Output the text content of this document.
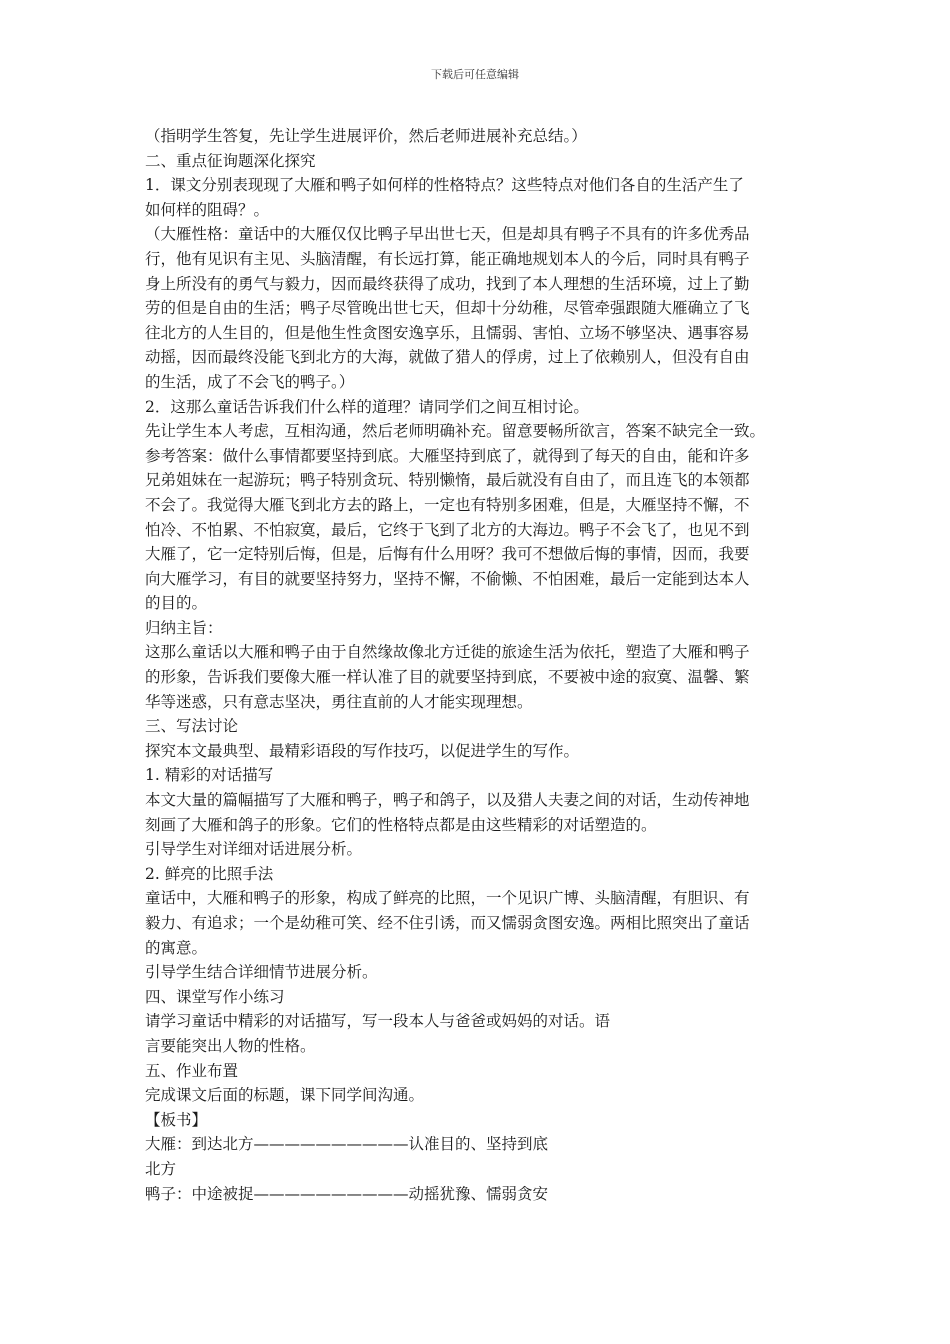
下载后可任意编辑
（指明学生答复，先让学生进展评价，然后老师进展补充总结。）
二、重点征询题深化探究
1．课文分别表现现了大雁和鸭子如何样的性格特点？这些特点对他们各自的生活产生了
如何样的阻碍？。
（大雁性格：童话中的大雁仅仅比鸭子早出世七天，但是却具有鸭子不具有的许多优秀品
行，他有见识有主见、头脑清醒，有长远打算，能正确地规划本人的今后，同时具有鸭子
身上所没有的勇气与毅力，因而最终获得了成功，找到了本人理想的生活环境，过上了勤
劳的但是自由的生活；鸭子尽管晚出世七天，但却十分幼稚，尽管牵强跟随大雁确立了飞
往北方的人生目的，但是他生性贪图安逸享乐，且懦弱、害怕、立场不够坚决、遇事容易
动摇，因而最终没能飞到北方的大海，就做了猎人的俘虏，过上了依赖别人，但没有自由
的生活，成了不会飞的鸭子。）
2．这那么童话告诉我们什么样的道理？请同学们之间互相讨论。
先让学生本人考虑，互相沟通，然后老师明确补充。留意要畅所欲言，答案不缺完全一致。
参考答案：做什么事情都要坚持到底。大雁坚持到底了，就得到了每天的自由，能和许多
兄弟姐妹在一起游玩；鸭子特别贪玩、特别懒惰，最后就没有自由了，而且连飞的本领都
不会了。我觉得大雁飞到北方去的路上，一定也有特别多困难，但是，大雁坚持不懈，不
怕冷、不怕累、不怕寂寞，最后，它终于飞到了北方的大海边。鸭子不会飞了，也见不到
大雁了，它一定特别后悔，但是，后悔有什么用呀？我可不想做后悔的事情，因而，我要
向大雁学习，有目的就要坚持努力，坚持不懈，不偷懒、不怕困难，最后一定能到达本人
的目的。
归纳主旨：
这那么童话以大雁和鸭子由于自然缘故像北方迁徙的旅途生活为依托，塑造了大雁和鸭子
的形象，告诉我们要像大雁一样认准了目的就要坚持到底，不要被中途的寂寞、温馨、繁
华等迷惑，只有意志坚决，勇往直前的人才能实现理想。
三、写法讨论
探究本文最典型、最精彩语段的写作技巧，以促进学生的写作。
1. 精彩的对话描写
本文大量的篇幅描写了大雁和鸭子，鸭子和鸽子，以及猎人夫妻之间的对话，生动传神地
刻画了大雁和鸽子的形象。它们的性格特点都是由这些精彩的对话塑造的。
引导学生对详细对话进展分析。
2. 鲜亮的比照手法
童话中，大雁和鸭子的形象，构成了鲜亮的比照，一个见识广博、头脑清醒，有胆识、有
毅力、有追求；一个是幼稚可笑、经不住引诱，而又懦弱贪图安逸。两相比照突出了童话
的寓意。
引导学生结合详细情节进展分析。
四、课堂写作小练习
请学习童话中精彩的对话描写，写一段本人与爸爸或妈妈的对话。语
言要能突出人物的性格。
五、作业布置
完成课文后面的标题，课下同学间沟通。
【板书】
大雁：到达北方——————————认准目的、坚持到底
北方
鸭子：中途被捉——————————动摇犹豫、懦弱贪安
